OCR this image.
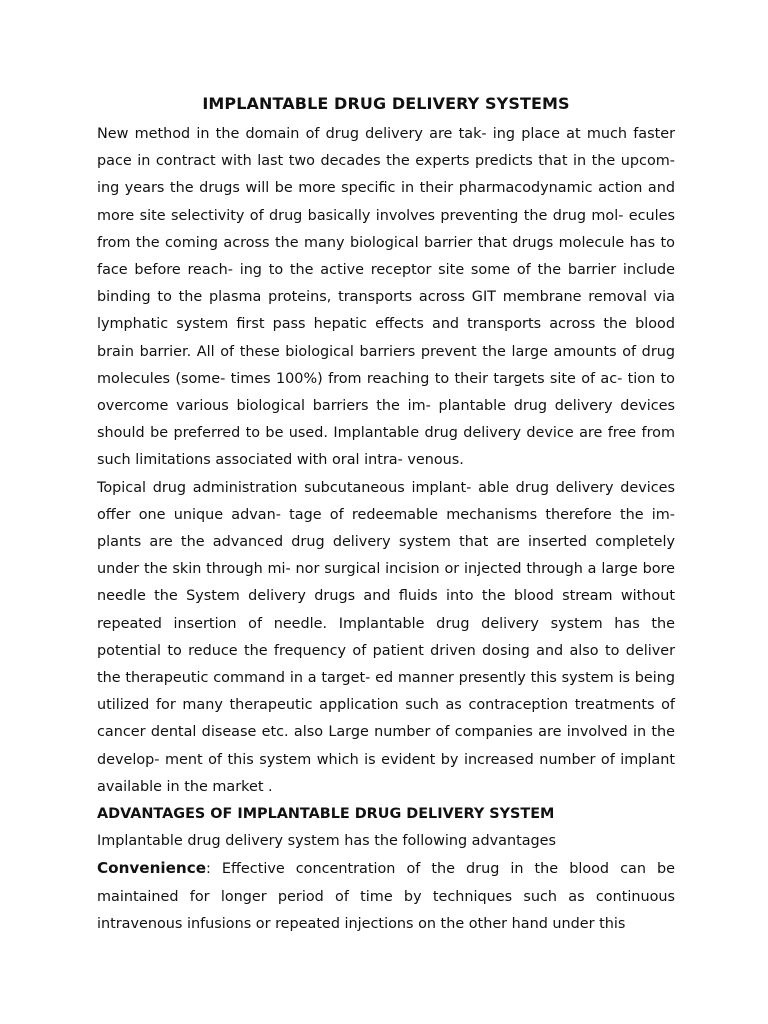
IMPLANTABLE DRUG DELIVERY SYSTEMS

New method in the domain of drug delivery are tak- ing place at much faster pace in contract with last two decades the experts predicts that in the upcom- ing years the drugs will be more specific in their pharmacodynamic action and more site selectivity of drug basically involves preventing the drug mol- ecules from the coming across the many biological barrier that drugs molecule has to face before reach- ing to the active receptor site some of the barrier include binding to the plasma proteins, transports across GIT membrane removal via lymphatic system first pass hepatic effects and transports across the blood brain barrier. All of these biological barriers prevent the large amounts of drug molecules (some- times 100%) from reaching to their targets site of ac- tion to overcome various biological barriers the im- plantable drug delivery devices should be preferred to be used. Implantable drug delivery device are free from such limitations associated with oral intra- venous.

Topical drug administration subcutaneous implant- able drug delivery devices offer one unique advan- tage of redeemable mechanisms therefore the im- plants are the advanced drug delivery system that are inserted completely under the skin through mi- nor surgical incision or injected through a large bore needle the System delivery drugs and fluids into the blood stream without repeated insertion of needle. Implantable drug delivery system has the potential to reduce the frequency of patient driven dosing and also to deliver the therapeutic command in a target- ed manner presently this system is being utilized for many therapeutic application such as contraception treatments of cancer dental disease etc. also Large number of companies are involved in the develop- ment of this system which is evident by increased number of implant available in the market .

ADVANTAGES OF IMPLANTABLE DRUG DELIVERY SYSTEM

Implantable drug delivery system has the following advantages

Convenience: Effective concentration of the drug in the blood can be maintained for longer period of time by techniques such as continuous intravenous infusions or repeated injections on the other hand under this
